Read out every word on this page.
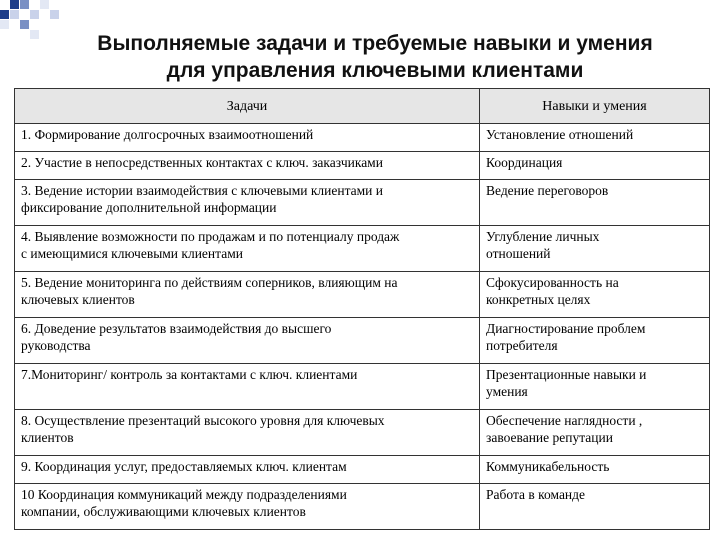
Выполняемые задачи и требуемые навыки и умения
для управления ключевыми клиентами
Задачи	Навыки и умения

1. Формирование долгосрочных взаимоотношений	Установление отношений

2. Участие в непосредственных контактах с ключ. заказчиками	Координация

3. Ведение истории взаимодействия с ключевыми клиентами и
фиксирование дополнительной информации	Ведение переговоров

4. Выявление возможности по продажам и по потенциалу продаж
с имеющимися ключевыми клиентами	Углубление личных
отношений

5. Ведение мониторинга по действиям соперников, влияющим на
ключевых клиентов	Сфокусированность на
конкретных целях

6. Доведение результатов взаимодействия до высшего
руководства	Диагностирование проблем
потребителя

7.Мониторинг/ контроль за контактами с ключ. клиентами	Презентационные навыки и
умения

8. Осуществление презентаций высокого уровня для ключевых
клиентов	Обеспечение наглядности ,
завоевание репутации

9. Координация услуг, предоставляемых ключ. клиентам	Коммуникабельность

10 Координация коммуникаций между подразделениями
компании, обслуживающими ключевых клиентов	Работа в команде
